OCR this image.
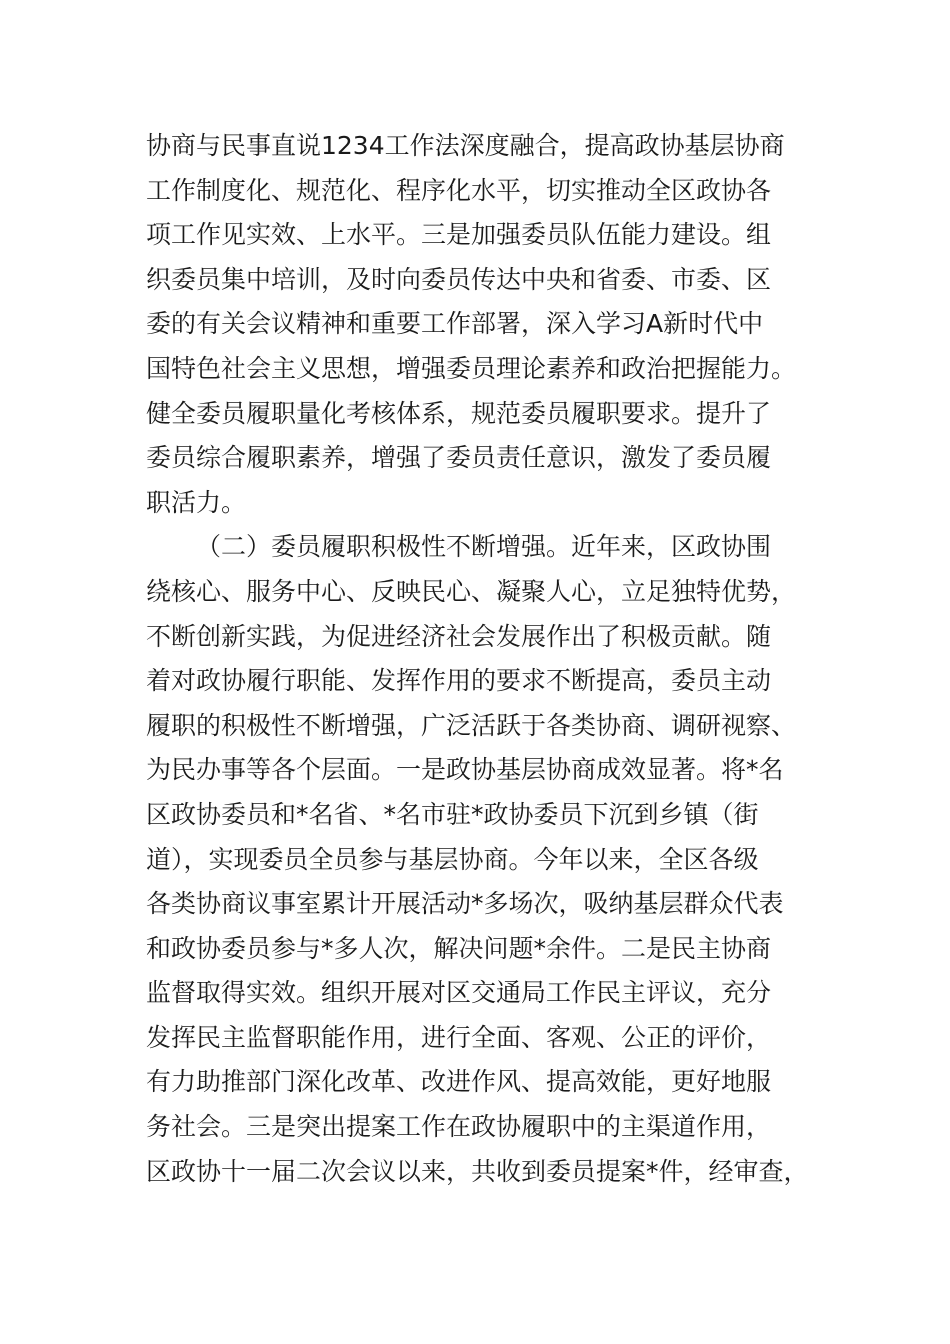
协商与民事直说1234工作法深度融合，提高政协基层协商
工作制度化、规范化、程序化水平，切实推动全区政协各
项工作见实效、上水平。三是加强委员队伍能力建设。组
织委员集中培训，及时向委员传达中央和省委、市委、区
委的有关会议精神和重要工作部署，深入学习A新时代中
国特色社会主义思想，增强委员理论素养和政治把握能力。
健全委员履职量化考核体系，规范委员履职要求。提升了
委员综合履职素养，增强了委员责任意识，激发了委员履
职活力。
（二）委员履职积极性不断增强。近年来，区政协围
绕核心、服务中心、反映民心、凝聚人心，立足独特优势，
不断创新实践，为促进经济社会发展作出了积极贡献。随
着对政协履行职能、发挥作用的要求不断提高，委员主动
履职的积极性不断增强，广泛活跃于各类协商、调研视察、
为民办事等各个层面。一是政协基层协商成效显著。将*名
区政协委员和*名省、*名市驻*政协委员下沉到乡镇（街
道），实现委员全员参与基层协商。今年以来，全区各级
各类协商议事室累计开展活动*多场次，吸纳基层群众代表
和政协委员参与*多人次，解决问题*余件。二是民主协商
监督取得实效。组织开展对区交通局工作民主评议，充分
发挥民主监督职能作用，进行全面、客观、公正的评价，
有力助推部门深化改革、改进作风、提高效能，更好地服
务社会。三是突出提案工作在政协履职中的主渠道作用，
区政协十一届二次会议以来，共收到委员提案*件，经审查，
